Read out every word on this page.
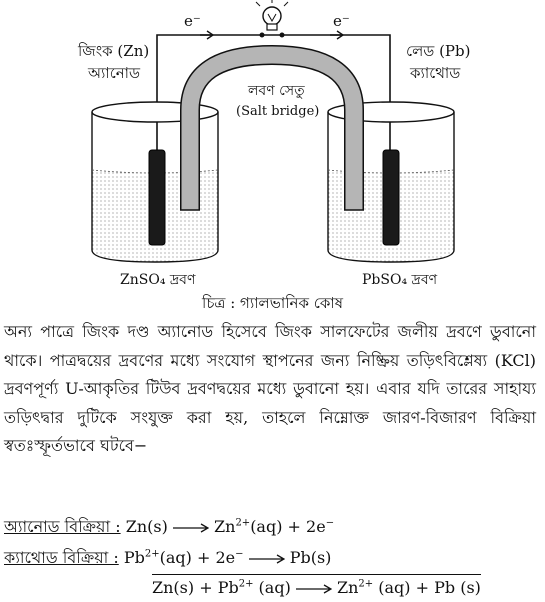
e⁻	e⁻
জিংক (Zn)
অ্যানোড
লেড (Pb)
ক্যাথোড
লবণ সেতু
(Salt bridge)
ZnSO₄ দ্রবণ	PbSO₄ দ্রবণ
চিত্র : গ্যালভানিক কোষ
অন্য পাত্রে জিংক দণ্ড অ্যানোড হিসেবে জিংক সালফেটের জলীয় দ্রবণে ডুবানো থাকে। পাত্রদ্বয়ের দ্রবণের মধ্যে সংযোগ স্থাপনের জন্য নিষ্ক্রিয় তড়িৎবিশ্লেষ্য (KCl) দ্রবণপূর্ণ্য U-আকৃতির টিউব দ্রবণদ্বয়ের মধ্যে ডুবানো হয়। এবার যদি তারের সাহায্য তড়িৎদ্বার দুটিকে সংযুক্ত করা হয়, তাহলে নিম্নোক্ত জারণ-বিজারণ বিক্রিয়া স্বতঃস্ফূর্তভাবে ঘটবে−
অ্যানোড বিক্রিয়া : $Zn(s) \to Zn^{2+}(aq) + 2e^-$
ক্যাথোড বিক্রিয়া : $Pb^{2+}(aq) + 2e^- \to Pb(s)$
$Zn(s) + Pb^{2+}$ $(aq) \to Zn^{2+}$ (aq) + Pb (s)
